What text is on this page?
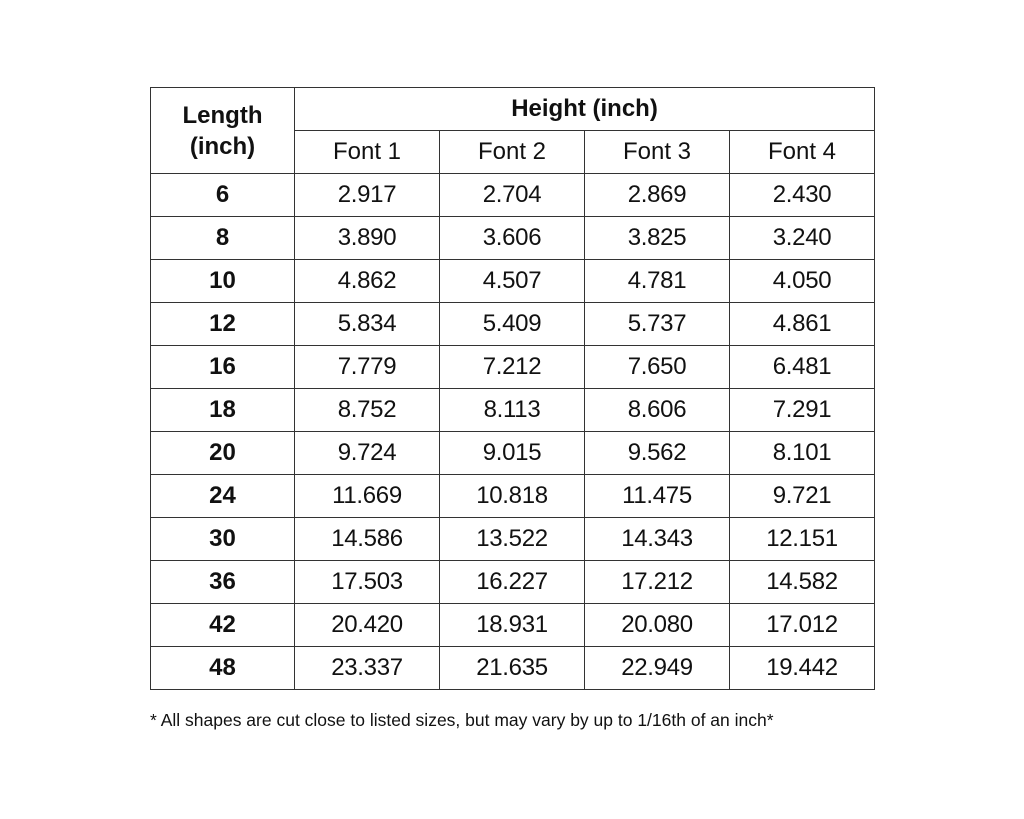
Length
(inch)	Height (inch)			
	Font 1	Font 2	Font 3	Font 4
6	2.917	2.704	2.869	2.430
8	3.890	3.606	3.825	3.240
10	4.862	4.507	4.781	4.050
12	5.834	5.409	5.737	4.861
16	7.779	7.212	7.650	6.481
18	8.752	8.113	8.606	7.291
20	9.724	9.015	9.562	8.101
24	11.669	10.818	11.475	9.721
30	14.586	13.522	14.343	12.151
36	17.503	16.227	17.212	14.582
42	20.420	18.931	20.080	17.012
48	23.337	21.635	22.949	19.442
* All shapes are cut close to listed sizes, but may vary by up to 1/16th of an inch*
